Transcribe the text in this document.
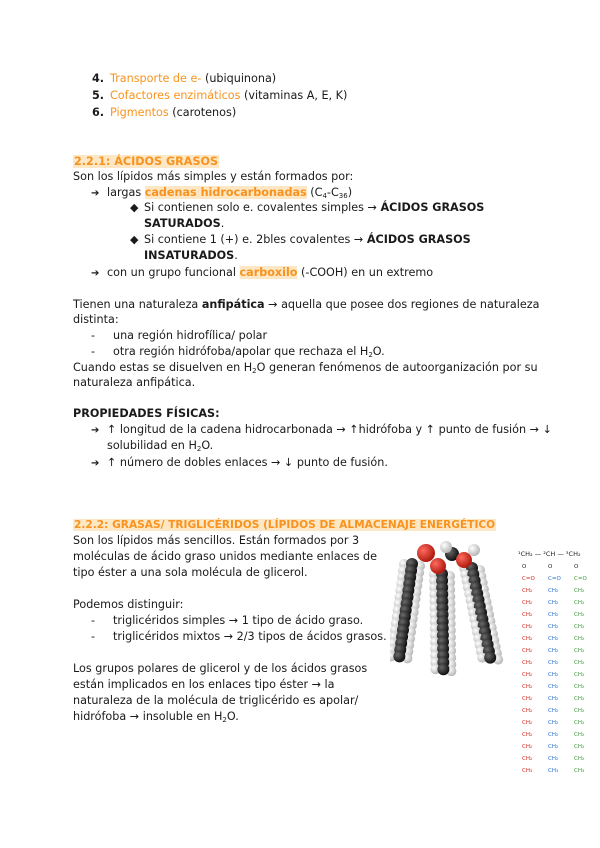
4. Transporte de e- (ubiquinona)
5. Cofactores enzimáticos (vitaminas A, E, K)
6. Pigmentos (carotenos)
2.2.1: ÁCIDOS GRASOS
Son los lípidos más simples y están formados por:
➔ largas cadenas hidrocarbonadas $(C_4-C_{36})$
◆ Si contienen solo e. covalentes simples → ÁCIDOS GRASOS
SATURADOS.
◆ Si contiene 1 (+) e. 2bles covalentes → ÁCIDOS GRASOS
INSATURADOS.
➔ con un grupo funcional carboxilo (-COOH) en un extremo
Tienen una naturaleza anfipática → aquella que posee dos regiones de naturaleza
distinta:
- una región hidrofílica/ polar
- otra región hidrófoba/apolar que rechaza el $H_2O$.
Cuando estas se disuelven en $H_2O$ generan fenómenos de autoorganización por su
naturaleza anfipática.
PROPIEDADES FÍSICAS:
➔ ↑ longitud de la cadena hidrocarbonada → ↑hidrófoba y ↑ punto de fusión → ↓
solubilidad en $H_2O$.
➔ ↑ número de dobles enlaces → ↓ punto de fusión.
2.2.2: GRASAS/ TRIGLICÉRIDOS (LÍPIDOS DE ALMACENAJE ENERGÉTICO
Son los lípidos más sencillos. Están formados por 3
moléculas de ácido graso unidos mediante enlaces de
tipo éster a una sola molécula de glicerol.
Podemos distinguir:
- triglicéridos simples → 1 tipo de ácido graso.
- triglicéridos mixtos → 2/3 tipos de ácidos grasos.
Los grupos polares de glicerol y de los ácidos grasos
están implicados en los enlaces tipo éster → la
naturaleza de la molécula de triglicérido es apolar/
hidrófoba → insoluble en $H_2O$.
¹CH₂ — ²CH — ³CH₂
O
C=O
CH₂
CH₂
CH₂
CH₂
CH₂
CH₂
CH₂
CH₂
CH₂
CH₂
CH₂
CH₂
CH₂
CH₂
CH₂
CH₃
O
C=O
CH₂
CH₂
CH₂
CH₂
CH₂
CH₂
CH₂
CH₂
CH₂
CH₂
CH₂
CH₂
CH₂
CH₂
CH₂
CH₃
O
C=O
CH₂
CH₂
CH₂
CH₂
CH₂
CH₂
CH₂
CH₂
CH₂
CH₂
CH₂
CH₂
CH₂
CH₂
CH₂
CH₃
